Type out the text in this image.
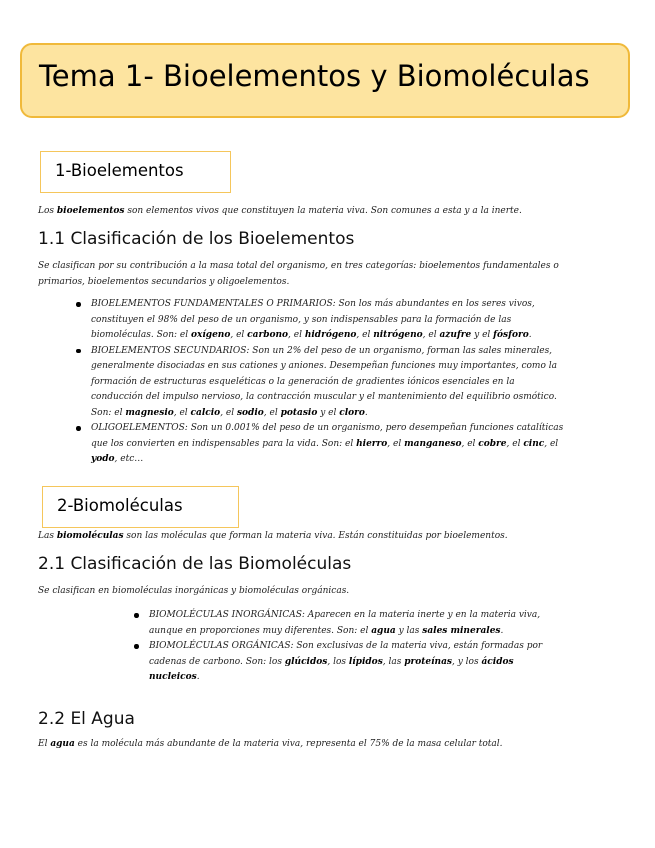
Tema 1- Bioelementos y Biomoléculas
1-Bioelementos
Los bioelementos son elementos vivos que constituyen la materia viva. Son comunes a esta y a la inerte.
1.1 Clasificación de los Bioelementos
Se clasifican por su contribución a la masa total del organismo, en tres categorías: bioelementos fundamentales o primarios, bioelementos secundarios y oligoelementos.
BIOELEMENTOS FUNDAMENTALES O PRIMARIOS: Son los más abundantes en los seres vivos, constituyen el 98% del peso de un organismo, y son indispensables para la formación de las biomoléculas. Son: el oxígeno, el carbono, el hidrógeno, el nitrógeno, el azufre y el fósforo.
BIOELEMENTOS SECUNDARIOS: Son un 2% del peso de un organismo, forman las sales minerales, generalmente disociadas en sus cationes y aniones. Desempeñan funciones muy importantes, como la formación de estructuras esqueléticas o la generación de gradientes iónicos esenciales en la conducción del impulso nervioso, la contracción muscular y el mantenimiento del equilibrio osmótico. Son: el magnesio, el calcio, el sodio, el potasio y el cloro.
OLIGOELEMENTOS: Son un 0.001% del peso de un organismo, pero desempeñan funciones catalíticas que los convierten en indispensables para la vida. Son: el hierro, el manganeso, el cobre, el cinc, el yodo, etc…
2-Biomoléculas
Las biomoléculas son las moléculas que forman la materia viva. Están constituidas por bioelementos.
2.1 Clasificación de las Biomoléculas
Se clasifican en biomoléculas inorgánicas y biomoléculas orgánicas.
BIOMOLÉCULAS INORGÁNICAS: Aparecen en la materia inerte y en la materia viva, aunque en proporciones muy diferentes. Son: el agua y las sales minerales.
BIOMOLÉCULAS ORGÁNICAS: Son exclusivas de la materia viva, están formadas por cadenas de carbono. Son: los glúcidos, los lípidos, las proteínas, y los ácidos nucleicos.
2.2 El Agua
El agua es la molécula más abundante de la materia viva, representa el 75% de la masa celular total.
